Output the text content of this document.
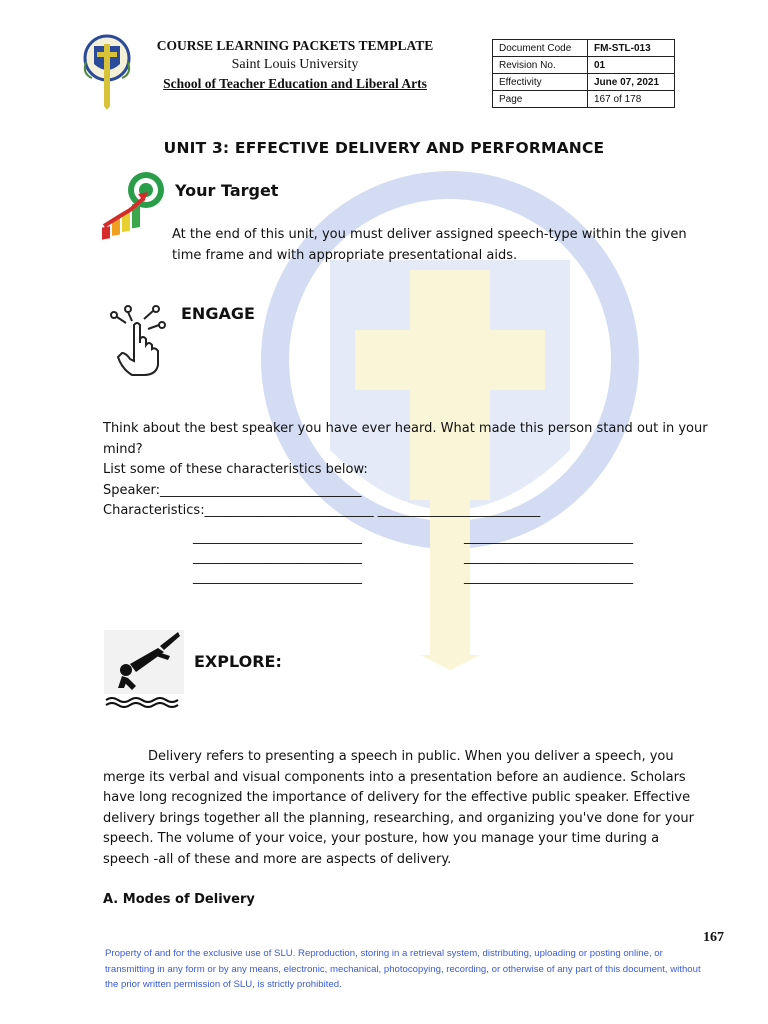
COURSE LEARNING PACKETS TEMPLATE
Saint Louis University
School of Teacher Education and Liberal Arts
Document Code	FM-STL-013
Revision No.	01
Effectivity	June 07, 2021
Page	167 of 178
UNIT 3: EFFECTIVE DELIVERY AND PERFORMANCE
Your Target
At the end of this unit, you must deliver assigned speech-type within the given time frame and with appropriate presentational aids.
ENGAGE
Think about the best speaker you have ever heard. What made this person stand out in your mind?
List some of these characteristics below:
Speaker:_______________________________
Characteristics:__________________________ _________________________
__________________________
__________________________
__________________________
__________________________
__________________________
__________________________
EXPLORE:
Delivery refers to presenting a speech in public. When you deliver a speech, you merge its verbal and visual components into a presentation before an audience. Scholars have long recognized the importance of delivery for the effective public speaker. Effective delivery brings together all the planning, researching, and organizing you've done for your speech. The volume of your voice, your posture, how you manage your time during a speech -all of these and more are aspects of delivery.
A. Modes of Delivery
167
Property of and for the exclusive use of SLU. Reproduction, storing in a retrieval system, distributing, uploading or posting online, or transmitting in any form or by any means, electronic, mechanical, photocopying, recording, or otherwise of any part of this document, without the prior written permission of SLU, is strictly prohibited.
